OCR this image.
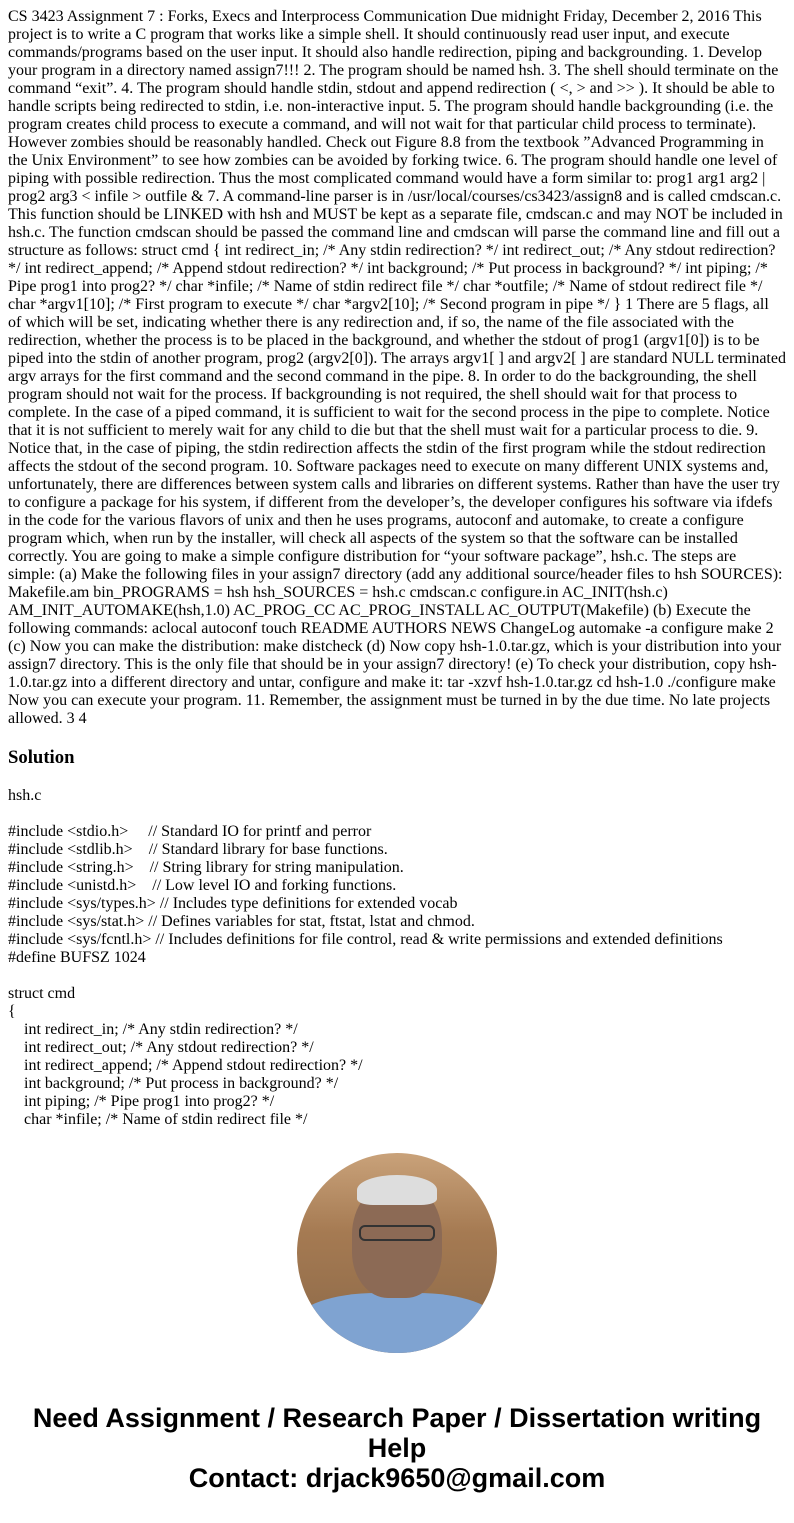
CS 3423 Assignment 7 : Forks, Execs and Interprocess Communication Due midnight Friday, December 2, 2016 This project is to write a C program that works like a simple shell. It should continuously read user input, and execute commands/programs based on the user input. It should also handle redirection, piping and backgrounding. 1. Develop your program in a directory named assign7!!! 2. The program should be named hsh. 3. The shell should terminate on the command “exit”. 4. The program should handle stdin, stdout and append redirection ( <, > and >> ). It should be able to handle scripts being redirected to stdin, i.e. non-interactive input. 5. The program should handle backgrounding (i.e. the program creates child process to execute a command, and will not wait for that particular child process to terminate). However zombies should be reasonably handled. Check out Figure 8.8 from the textbook ”Advanced Programming in the Unix Environment” to see how zombies can be avoided by forking twice. 6. The program should handle one level of piping with possible redirection. Thus the most complicated command would have a form similar to: prog1 arg1 arg2 | prog2 arg3 < infile > outfile & 7. A command-line parser is in /usr/local/courses/cs3423/assign8 and is called cmdscan.c. This function should be LINKED with hsh and MUST be kept as a separate file, cmdscan.c and may NOT be included in hsh.c. The function cmdscan should be passed the command line and cmdscan will parse the command line and fill out a structure as follows: struct cmd { int redirect_in; /* Any stdin redirection? */ int redirect_out; /* Any stdout redirection? */ int redirect_append; /* Append stdout redirection? */ int background; /* Put process in background? */ int piping; /* Pipe prog1 into prog2? */ char *infile; /* Name of stdin redirect file */ char *outfile; /* Name of stdout redirect file */ char *argv1[10]; /* First program to execute */ char *argv2[10]; /* Second program in pipe */ } 1 There are 5 flags, all of which will be set, indicating whether there is any redirection and, if so, the name of the file associated with the redirection, whether the process is to be placed in the background, and whether the stdout of prog1 (argv1[0]) is to be piped into the stdin of another program, prog2 (argv2[0]). The arrays argv1[ ] and argv2[ ] are standard NULL terminated argv arrays for the first command and the second command in the pipe. 8. In order to do the backgrounding, the shell program should not wait for the process. If backgrounding is not required, the shell should wait for that process to complete. In the case of a piped command, it is sufficient to wait for the second process in the pipe to complete. Notice that it is not sufficient to merely wait for any child to die but that the shell must wait for a particular process to die. 9. Notice that, in the case of piping, the stdin redirection affects the stdin of the first program while the stdout redirection affects the stdout of the second program. 10. Software packages need to execute on many different UNIX systems and, unfortunately, there are differences between system calls and libraries on different systems. Rather than have the user try to configure a package for his system, if different from the developer’s, the developer configures his software via ifdefs in the code for the various flavors of unix and then he uses programs, autoconf and automake, to create a configure program which, when run by the installer, will check all aspects of the system so that the software can be installed correctly. You are going to make a simple configure distribution for “your software package”, hsh.c. The steps are simple: (a) Make the following files in your assign7 directory (add any additional source/header files to hsh SOURCES): Makefile.am bin_PROGRAMS = hsh hsh_SOURCES = hsh.c cmdscan.c configure.in AC_INIT(hsh.c) AM_INIT_AUTOMAKE(hsh,1.0) AC_PROG_CC AC_PROG_INSTALL AC_OUTPUT(Makefile) (b) Execute the following commands: aclocal autoconf touch README AUTHORS NEWS ChangeLog automake -a configure make 2 (c) Now you can make the distribution: make distcheck (d) Now copy hsh-1.0.tar.gz, which is your distribution into your assign7 directory. This is the only file that should be in your assign7 directory! (e) To check your distribution, copy hsh-1.0.tar.gz into a different directory and untar, configure and make it: tar -xzvf hsh-1.0.tar.gz cd hsh-1.0 ./configure make Now you can execute your program. 11. Remember, the assignment must be turned in by the due time. No late projects allowed. 3 4

Solution

hsh.c

#include <stdio.h>     // Standard IO for printf and perror
#include <stdlib.h>    // Standard library for base functions.
#include <string.h>    // String library for string manipulation.
#include <unistd.h>    // Low level IO and forking functions.
#include <sys/types.h> // Includes type definitions for extended vocab
#include <sys/stat.h> // Defines variables for stat, ftstat, lstat and chmod.
#include <sys/fcntl.h> // Includes definitions for file control, read & write permissions and extended definitions
#define BUFSZ 1024
struct cmd
{
int redirect_in; /* Any stdin redirection? */
int redirect_out; /* Any stdout redirection? */
int redirect_append; /* Append stdout redirection? */
int background; /* Put process in background? */
int piping; /* Pipe prog1 into prog2? */
char *infile; /* Name of stdin redirect file */
Need Assignment / Research Paper / Dissertation writing Help
Contact: drjack9650@gmail.com
